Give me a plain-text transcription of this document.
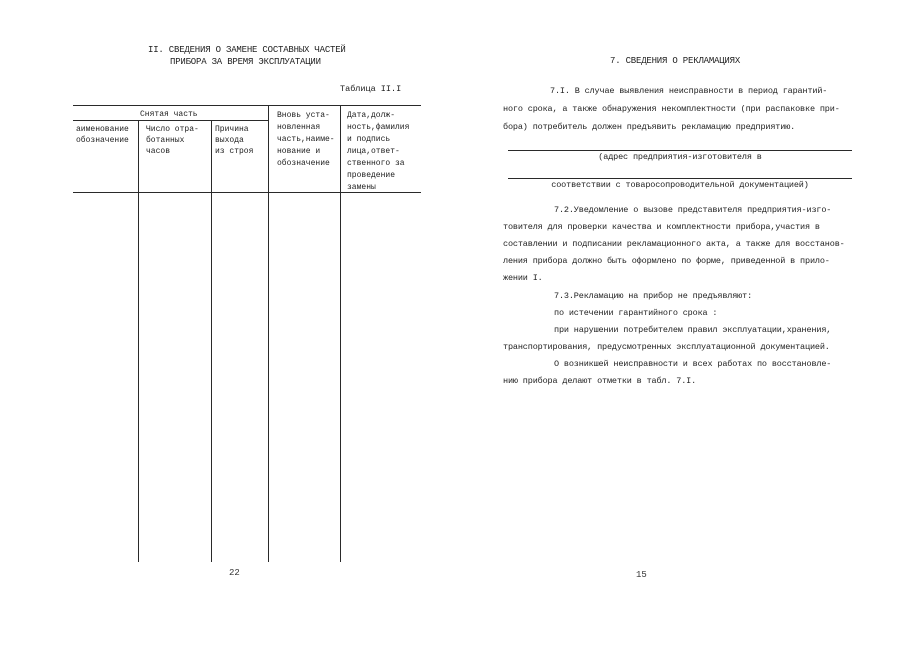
II. СВЕДЕНИЯ О ЗАМЕНЕ СОСТАВНЫХ ЧАСТЕЙ
ПРИБОРА ЗА ВРЕМЯ ЭКСПЛУАТАЦИИ
Таблица II.I
Снятая часть
аименование
обозначение
Число отра-
ботанных
часов
Причина
выхода
из строя
Вновь уста-
новленная
часть,наиме-
нование и
обозначение
Дата,долж-
ность,фамилия
и подпись
лица,ответ-
ственного за
проведение
замены
22
7. СВЕДЕНИЯ О РЕКЛАМАЦИЯХ
7.I. В случае выявления неисправности в период гарантий-
ного срока, а также обнаружения некомплектности (при распаковке при-
бора) потребитель должен предъявить рекламацию предприятию.
(адрес предприятия-изготовителя в
соответствии с товаросопроводительной документацией)
7.2.Уведомление о вызове представителя предприятия-изго-
товителя для проверки качества и комплектности прибора,участия в
составлении и подписании рекламационного акта, а также для восстанов-
ления прибора должно быть оформлено по форме, приведенной в прило-
жении I.
7.3.Рекламацию на прибор не предъявляют:
по истечении гарантийного срока :
при нарушении потребителем правил эксплуатации,хранения,
транспортирования, предусмотренных эксплуатационной документацией.
О возникшей неисправности и всех работах по восстановле-
нию прибора делают отметки в табл. 7.I.
15
